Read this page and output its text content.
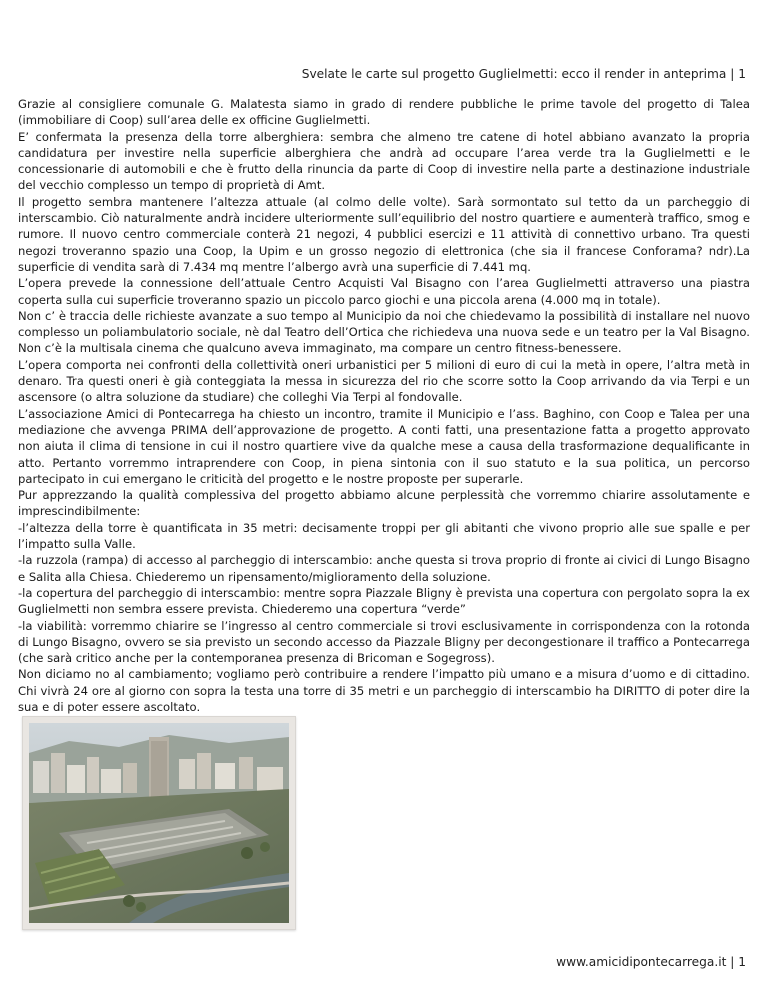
Svelate le carte sul progetto Guglielmetti: ecco il render in anteprima | 1

Grazie al consigliere comunale G. Malatesta siamo in grado di rendere pubbliche le prime tavole del progetto di Talea (immobiliare di Coop) sull’area delle ex officine Guglielmetti.

E’ confermata la presenza della torre alberghiera: sembra che almeno tre catene di hotel abbiano avanzato la propria candidatura per investire nella superficie alberghiera che andrà ad occupare l’area verde tra la Guglielmetti e le concessionarie di automobili e che è frutto della rinuncia da parte di Coop di investire nella parte a destinazione industriale del vecchio complesso un tempo di proprietà di Amt.

Il progetto sembra mantenere l’altezza attuale (al colmo delle volte). Sarà sormontato sul tetto da un parcheggio di interscambio. Ciò naturalmente andrà incidere ulteriormente sull’equilibrio del nostro quartiere e aumenterà traffico, smog e rumore. Il nuovo centro commerciale conterà 21 negozi, 4 pubblici esercizi e 11 attività di connettivo urbano. Tra questi negozi troveranno spazio una Coop, la Upim e un grosso negozio di elettronica (che sia il francese Conforama? ndr).La superficie di vendita sarà di 7.434 mq mentre l’albergo avrà una superficie di 7.441 mq.

L’opera prevede la connessione dell’attuale Centro Acquisti Val Bisagno con l’area Guglielmetti attraverso una piastra coperta sulla cui superficie troveranno spazio un piccolo parco giochi e una piccola arena (4.000 mq in totale).

Non c’ è traccia delle richieste avanzate a suo tempo al Municipio da noi che chiedevamo la possibilità di installare nel nuovo complesso un poliambulatorio sociale, nè dal Teatro dell’Ortica che richiedeva una nuova sede e un teatro per la Val Bisagno. Non c’è la multisala cinema che qualcuno aveva immaginato, ma compare un centro fitness-benessere.

L’opera comporta nei confronti della collettività oneri urbanistici per 5 milioni di euro di cui la metà in opere, l’altra metà in denaro. Tra questi oneri è già conteggiata la messa in sicurezza del rio che scorre sotto la Coop arrivando da via Terpi e un ascensore (o altra soluzione da studiare) che colleghi Via Terpi al fondovalle.

L’associazione Amici di Pontecarrega ha chiesto un incontro, tramite il Municipio e l’ass. Baghino, con Coop e Talea per una mediazione che avvenga PRIMA dell’approvazione de progetto. A conti fatti, una presentazione fatta a progetto approvato non aiuta il clima di tensione in cui il nostro quartiere vive da qualche mese a causa della trasformazione dequalificante in atto. Pertanto vorremmo intraprendere con Coop, in piena sintonia con il suo statuto e la sua politica, un percorso partecipato in cui emergano le criticità del progetto e le nostre proposte per superarle.

Pur apprezzando la qualità complessiva del progetto abbiamo alcune perplessità che vorremmo chiarire assolutamente e imprescindibilmente:

-l’altezza della torre è quantificata in 35 metri: decisamente troppi per gli abitanti che vivono proprio alle sue spalle e per l’impatto sulla Valle.

-la ruzzola (rampa) di accesso al parcheggio di interscambio: anche questa si trova proprio di fronte ai civici di Lungo Bisagno e Salita alla Chiesa. Chiederemo un ripensamento/miglioramento della soluzione.

-la copertura del parcheggio di interscambio: mentre sopra Piazzale Bligny è prevista una copertura con pergolato sopra la ex Guglielmetti non sembra essere prevista. Chiederemo una copertura “verde”

-la viabilità: vorremmo chiarire se l’ingresso al centro commerciale si trovi esclusivamente in corrispondenza con la rotonda di Lungo Bisagno, ovvero se sia previsto un secondo accesso da Piazzale Bligny per decongestionare il traffico a Pontecarrega (che sarà critico anche per la contemporanea presenza di Bricoman e Sogegross).

Non diciamo no al cambiamento; vogliamo però contribuire a rendere l’impatto più umano e a misura d’uomo e di cittadino. Chi vivrà 24 ore al giorno con sopra la testa una torre di 35 metri e un parcheggio di interscambio ha DIRITTO di poter dire la sua e di poter essere ascoltato.

www.amicidipontecarrega.it | 1
